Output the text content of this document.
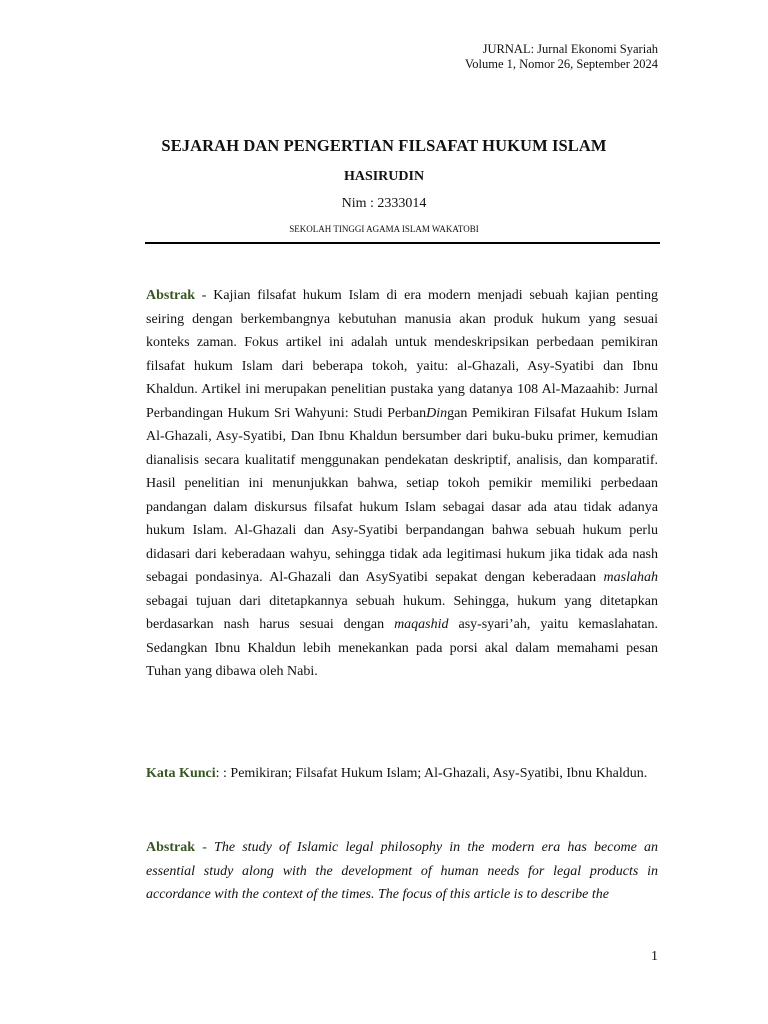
JURNAL: Jurnal Ekonomi Syariah
Volume 1, Nomor 26, September 2024
SEJARAH DAN PENGERTIAN FILSAFAT HUKUM ISLAM
HASIRUDIN
Nim : 2333014
SEKOLAH TINGGI AGAMA ISLAM WAKATOBI

Abstrak - Kajian filsafat hukum Islam di era modern menjadi sebuah kajian penting seiring dengan berkembangnya kebutuhan manusia akan produk hukum yang sesuai konteks zaman. Fokus artikel ini adalah untuk mendeskripsikan perbedaan pemikiran filsafat hukum Islam dari beberapa tokoh, yaitu: al-Ghazali, Asy-Syatibi dan Ibnu Khaldun. Artikel ini merupakan penelitian pustaka yang datanya 108 Al-Mazaahib: Jurnal Perbandingan Hukum Sri Wahyuni: Studi PerbanDingan Pemikiran Filsafat Hukum Islam Al-Ghazali, Asy-Syatibi, Dan Ibnu Khaldun bersumber dari buku-buku primer, kemudian dianalisis secara kualitatif menggunakan pendekatan deskriptif, analisis, dan komparatif. Hasil penelitian ini menunjukkan bahwa, setiap tokoh pemikir memiliki perbedaan pandangan dalam diskursus filsafat hukum Islam sebagai dasar ada atau tidak adanya hukum Islam. Al-Ghazali dan Asy-Syatibi berpandangan bahwa sebuah hukum perlu didasari dari keberadaan wahyu, sehingga tidak ada legitimasi hukum jika tidak ada nash sebagai pondasinya. Al-Ghazali dan AsySyatibi sepakat dengan keberadaan maslahah sebagai tujuan dari ditetapkannya sebuah hukum. Sehingga, hukum yang ditetapkan berdasarkan nash harus sesuai dengan maqashid asy-syari’ah, yaitu kemaslahatan. Sedangkan Ibnu Khaldun lebih menekankan pada porsi akal dalam memahami pesan Tuhan yang dibawa oleh Nabi.

Kata Kunci: : Pemikiran; Filsafat Hukum Islam; Al-Ghazali, Asy-Syatibi, Ibnu Khaldun.

Abstrak - The study of Islamic legal philosophy in the modern era has become an essential study along with the development of human needs for legal products in accordance with the context of the times. The focus of this article is to describe the

1
